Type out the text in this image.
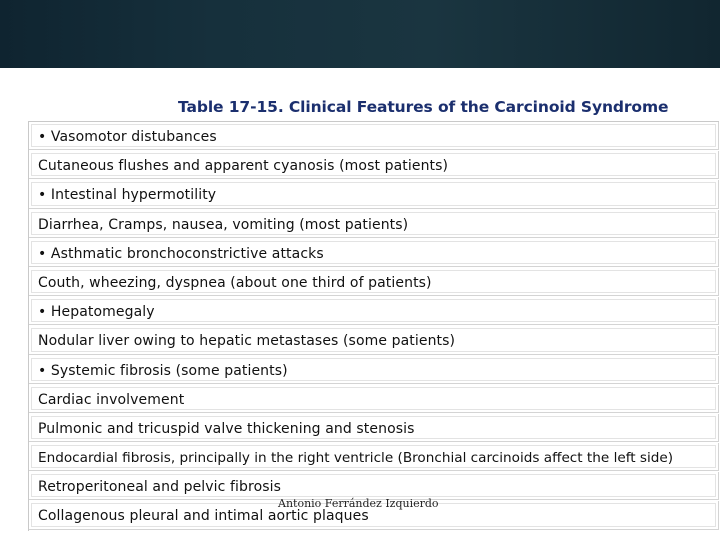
Table 17-15. Clinical Features of the Carcinoid Syndrome
• Vasomotor distubances
Cutaneous flushes and apparent cyanosis (most patients)
• Intestinal hypermotility
Diarrhea, Cramps, nausea, vomiting (most patients)
• Asthmatic bronchoconstrictive attacks
Couth, wheezing, dyspnea (about one third of patients)
• Hepatomegaly
Nodular liver owing to hepatic metastases (some patients)
• Systemic fibrosis (some patients)
Cardiac involvement
Pulmonic and tricuspid valve thickening and stenosis
Endocardial fibrosis, principally in the right ventricle (Bronchial carcinoids affect the left side)
Retroperitoneal and pelvic fibrosis
Collagenous pleural and intimal aortic plaques
Antonio Ferrández Izquierdo
